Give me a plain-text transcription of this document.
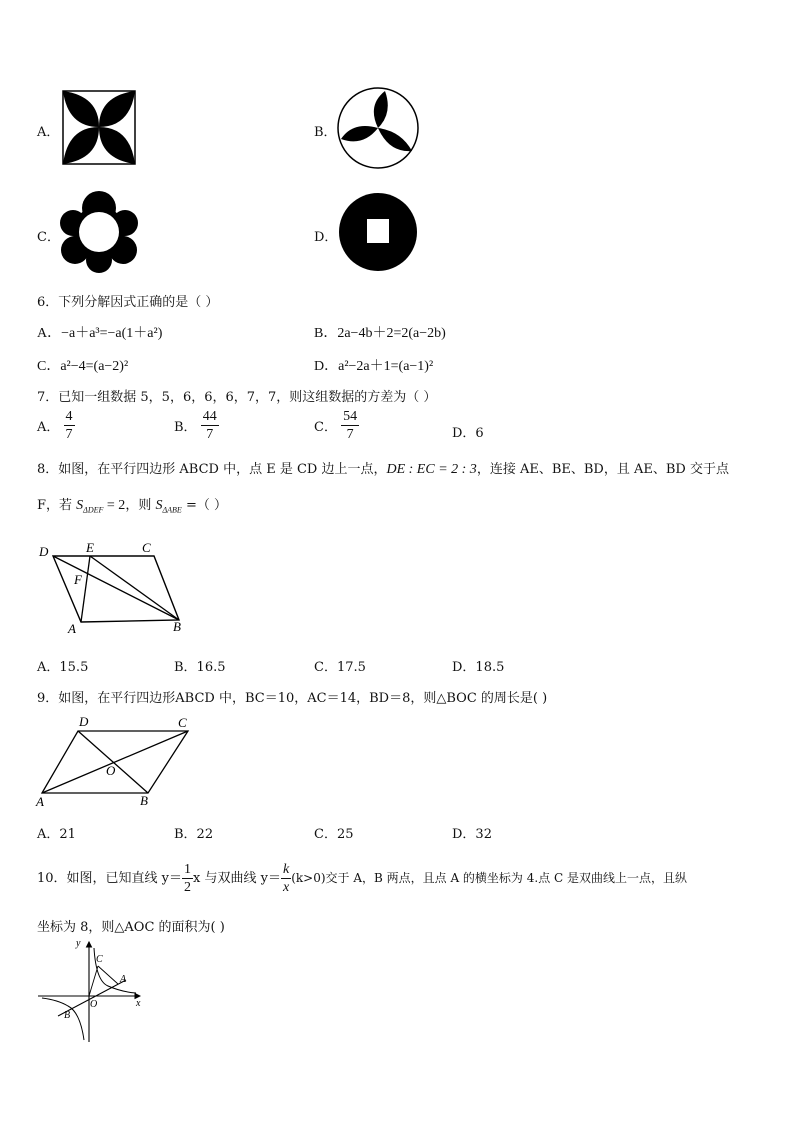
A．	B．
C．	D．
6．下列分解因式正确的是（ ）
A．−a＋a³=−a(1＋a²)	B．2a−4b＋2=2(a−2b)
C．a²−4=(a−2)²	D．a²−2a＋1=(a−1)²
7．已知一组数据 5，5，6，6，6，7，7，则这组数据的方差为（ ）
A． $\frac{4}{7}$	B． $\frac{44}{7}$	C． $\frac{54}{7}$	D．6
8．如图，在平行四边形 ABCD 中，点 E 是 CD 边上一点，DE : EC = 2 : 3，连接 AE、BE、BD，且 AE、BD 交于点
F，若 $S_{\Delta DEF} = 2$，则 $S_{\Delta ABE}$ =（ ）
D	E	C
F
A	B
A．15.5	B．16.5	C．17.5	D．18.5
9．如图，在平行四边形ABCD 中，BC＝10，AC＝14，BD＝8，则△BOC 的周长是( )
D	C
O
A	B
A．21	B．22	C．25	D．32
10．如图，已知直线 $y= \frac{1}{2}$ x 与双曲线 $y= \frac{k}{x} (k>0)$交于 A，B 两点，且点 A 的横坐标为 4.点 C 是双曲线上一点，且纵
坐标为 8，则△AOC 的面积为( )
y
x
O
A
B
C
